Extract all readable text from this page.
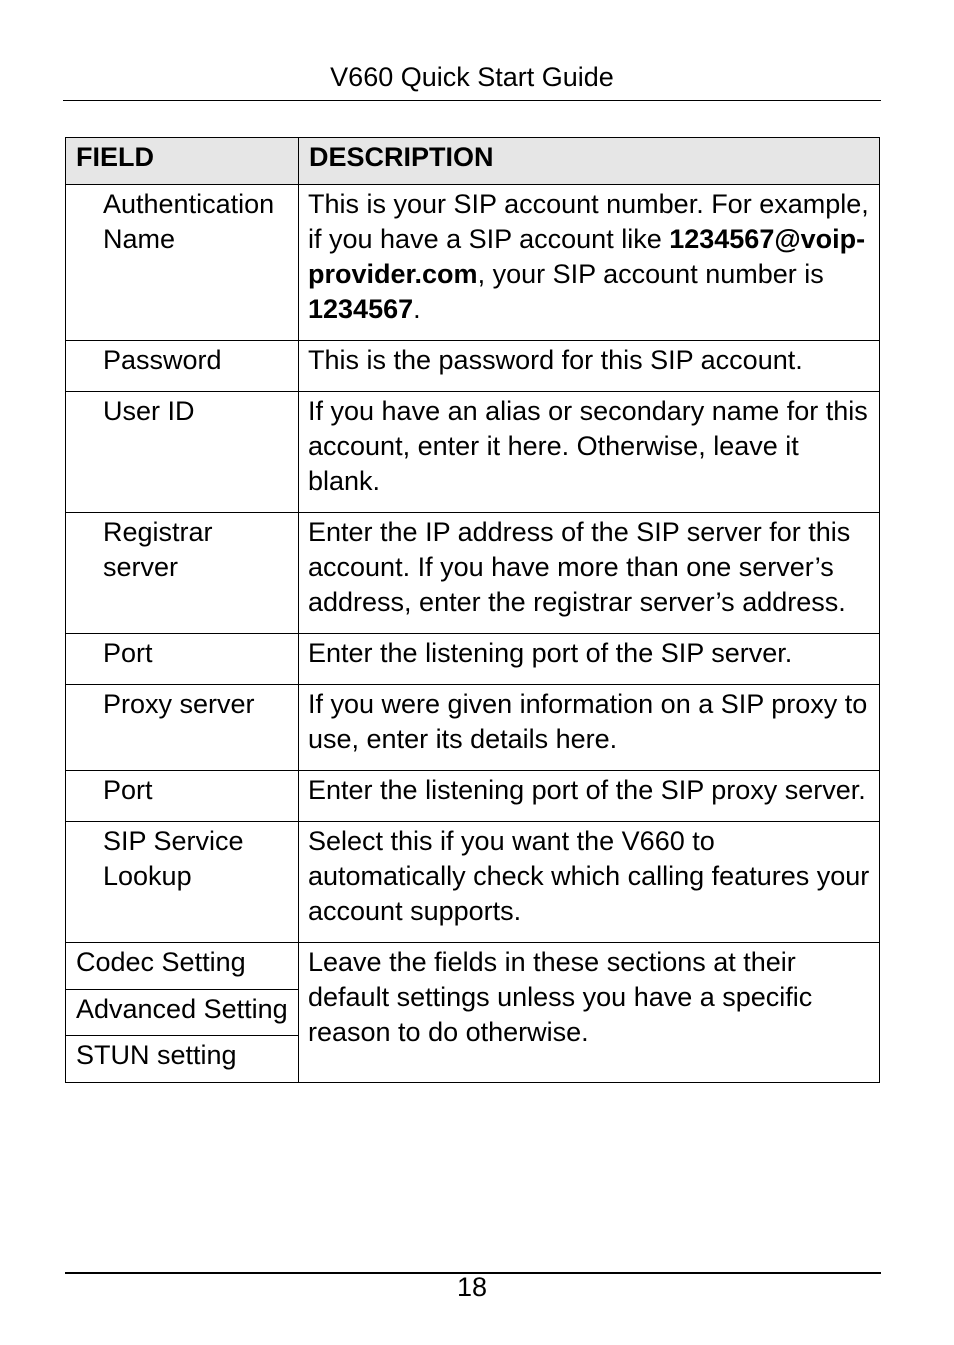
V660 Quick Start Guide
FIELD	DESCRIPTION
Authentication Name	This is your SIP account number. For example, if you have a SIP account like 1234567@voip-provider.com, your SIP account number is 1234567.
Password	This is the password for this SIP account.
User ID	If you have an alias or secondary name for this account, enter it here. Otherwise, leave it blank.
Registrar server	Enter the IP address of the SIP server for this account. If you have more than one server’s address, enter the registrar server’s address.
Port	Enter the listening port of the SIP server.
Proxy server	If you were given information on a SIP proxy to use, enter its details here.
Port	Enter the listening port of the SIP proxy server.
SIP Service Lookup	Select this if you want the V660 to automatically check which calling features your account supports.
Codec Setting	Leave the fields in these sections at their default settings unless you have a specific reason to do otherwise.
Advanced Setting	
STUN setting	
18
